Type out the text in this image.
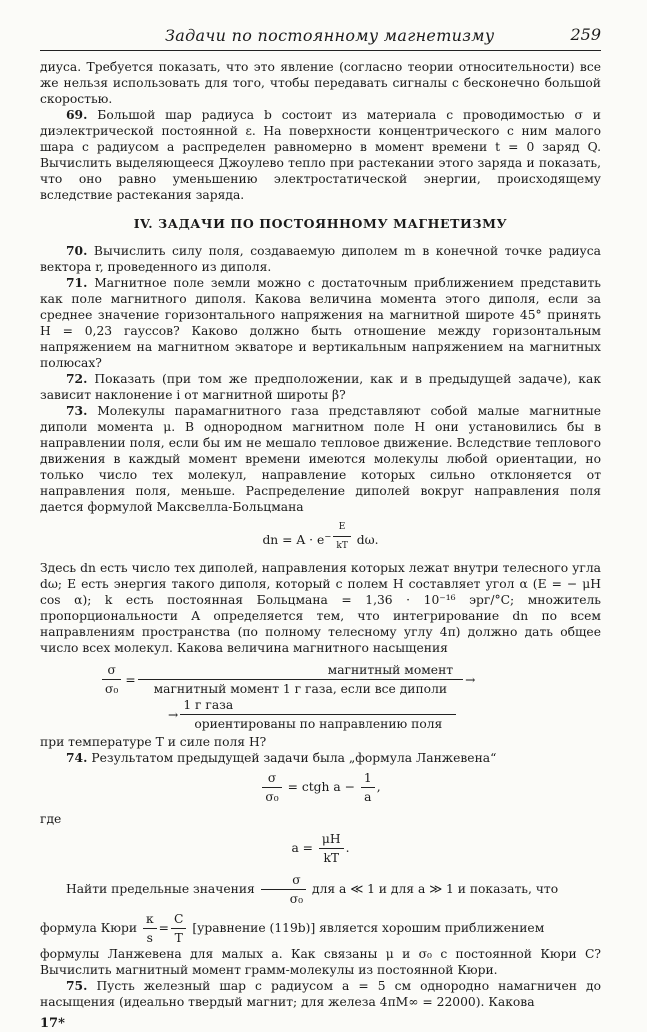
Задачи по постоянному магнетизму	259

диуса. Требуется показать, что это явление (согласно теории относительности) все же нельзя использовать для того, чтобы передавать сигналы с бесконечно большой скоростью.

69. Большой шар радиуса b состоит из материала с проводимостью σ и диэлектрической постоянной ε. На поверхности концентрического с ним малого шара с радиусом a распределен равномерно в момент времени t = 0 заряд Q. Вычислить выделяющееся Джоулево тепло при растекании этого заряда и показать, что оно равно уменьшению электростатической энергии, происходящему вследствие растекания заряда.

IV. ЗАДАЧИ ПО ПОСТОЯННОМУ МАГНЕТИЗМУ

70. Вычислить силу поля, создаваемую диполем m в конечной точке радиуса вектора r, проведенного из диполя.

71. Магнитное поле земли можно с достаточным приближением представить как поле магнитного диполя. Какова величина момента этого диполя, если за среднее значение горизонтального напряжения на магнитной широте 45° принять H = 0,23 гауссов? Каково должно быть отношение между горизонтальным напряжением на магнитном экваторе и вертикальным напряжением на магнитных полюсах?

72. Показать (при том же предположении, как и в предыдущей задаче), как зависит наклонение i от магнитной широты β?

73. Молекулы парамагнитного газа представляют собой малые магнитные диполи момента μ. В однородном магнитном поле H они установились бы в направлении поля, если бы им не мешало тепловое движение. Вследствие теплового движения в каждый момент времени имеются молекулы любой ориентации, но только число тех молекул, направление которых сильно отклоняется от направления поля, меньше. Распределение диполей вокруг направления поля дается формулой Максвелла-Больцмана

dn = $A \cdot e^{- \frac{E}{kT}}$ dω.

Здесь dn есть число тех диполей, направления которых лежат внутри телесного угла dω; E есть энергия такого диполя, который с полем H составляет угол α (E = − μH cos α); k есть постоянная Больцмана = 1,36 · 10⁻¹⁶ эрг/°C; множитель пропорциональности A определяется тем, что интегрирование dn по всем направлениям пространства (по полному телесному углу 4π) должно дать общее число всех молекул. Какова величина магнитного насыщения

$\frac{\sigma}{\text{σ₀}} = \frac{\text{магнитный момент}}{\text{магнитный момент 1 г газа, если все диполи}}$ →
→ $\frac{\text{1 г газа}}{\text{ориентированы по направлению поля}}$

при температуре T и силе поля H?

74. Результатом предыдущей задачи была „формула Ланжевена“

$\frac{\sigma}{\text{σ₀}}$ = ctgh $a - \frac{1}{a}$ ,

где

$a = \frac{\mu H}{kT}$ .

Найти предельные значения $\frac{\sigma}{\text{σ₀}}$ для a ≪ 1 и для a ≫ 1 и показать, что

формула Кюри $\frac{\kappa}{s} = \frac{C}{T}$ [уравнение (119b)] является хорошим приближением

формулы Ланжевена для малых a. Как связаны μ и σ₀ с постоянной Кюри C? Вычислить магнитный момент грамм-молекулы из постоянной Кюри.

75. Пусть железный шар с радиусом a = 5 см однородно намагничен до насыщения (идеально твердый магнит; для железа 4πM∞ = 22000). Какова

17*
